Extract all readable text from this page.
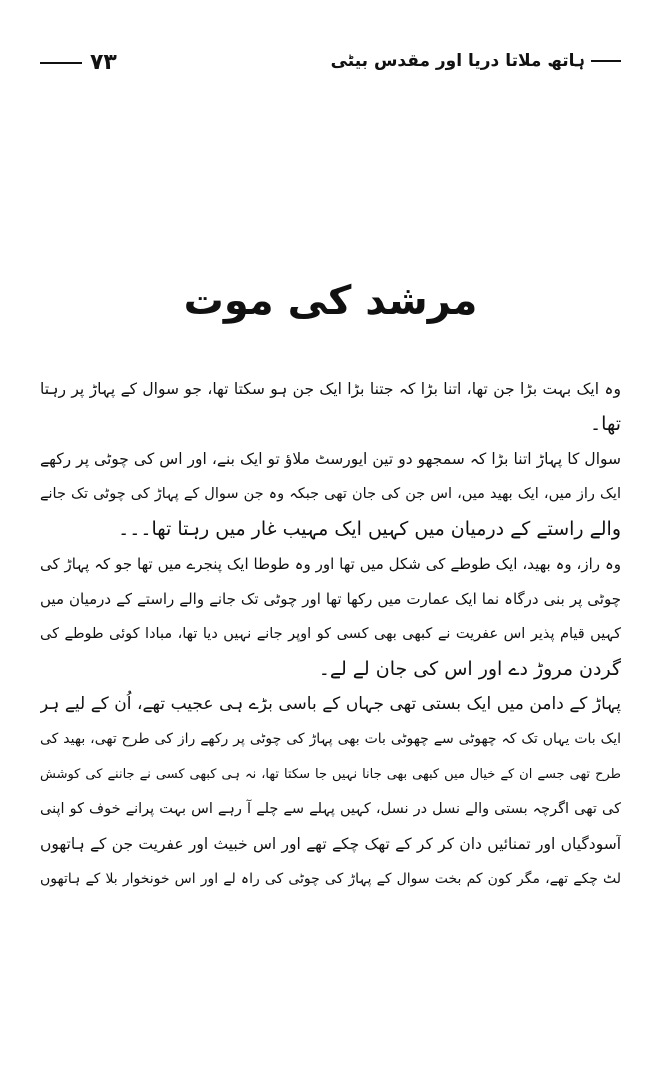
۷۳	ہاتھ ملاتا دریا اور مقدس بیٹی
مرشد کی موت
وہ ایک بہت بڑا جن تھا، اتنا بڑا کہ جتنا بڑا ایک جن ہو سکتا تھا، جو سوال کے پہاڑ پر رہتا
تھا۔
سوال کا پہاڑ اتنا بڑا کہ سمجھو دو تین ایورسٹ ملاؤ تو ایک بنے، اور اس کی چوٹی پر رکھے
ایک راز میں، ایک بھید میں، اس جن کی جان تھی جبکہ وہ جن سوال کے پہاڑ کی چوٹی تک جانے
والے راستے کے درمیان میں کہیں ایک مہیب غار میں رہتا تھا۔۔۔
وہ راز، وہ بھید، ایک طوطے کی شکل میں تھا اور وہ طوطا ایک پنجرے میں تھا جو کہ پہاڑ کی
چوٹی پر بنی درگاہ نما ایک عمارت میں رکھا تھا اور چوٹی تک جانے والے راستے کے درمیان میں
کہیں قیام پذیر اس عفریت نے کبھی بھی کسی کو اوپر جانے نہیں دیا تھا، مبادا کوئی طوطے کی
گردن مروڑ دے اور اس کی جان لے لے۔
پہاڑ کے دامن میں ایک بستی تھی جہاں کے باسی بڑے ہی عجیب تھے، اُن کے لیے ہر
ایک بات یہاں تک کہ چھوٹی سے چھوٹی بات بھی پہاڑ کی چوٹی پر رکھے راز کی طرح تھی، بھید کی
طرح تھی جسے ان کے خیال میں کبھی بھی جانا نہیں جا سکتا تھا، نہ ہی کبھی کسی نے جاننے کی کوشش
کی تھی اگرچہ بستی والے نسل در نسل، کہیں پہلے سے چلے آ رہے اس بہت پرانے خوف کو اپنی
آسودگیاں اور تمنائیں دان کر کر کے تھک چکے تھے اور اس خبیث اور عفریت جن کے ہاتھوں
لٹ چکے تھے، مگر کون کم بخت سوال کے پہاڑ کی چوٹی کی راہ لے اور اس خونخوار بلا کے ہاتھوں
